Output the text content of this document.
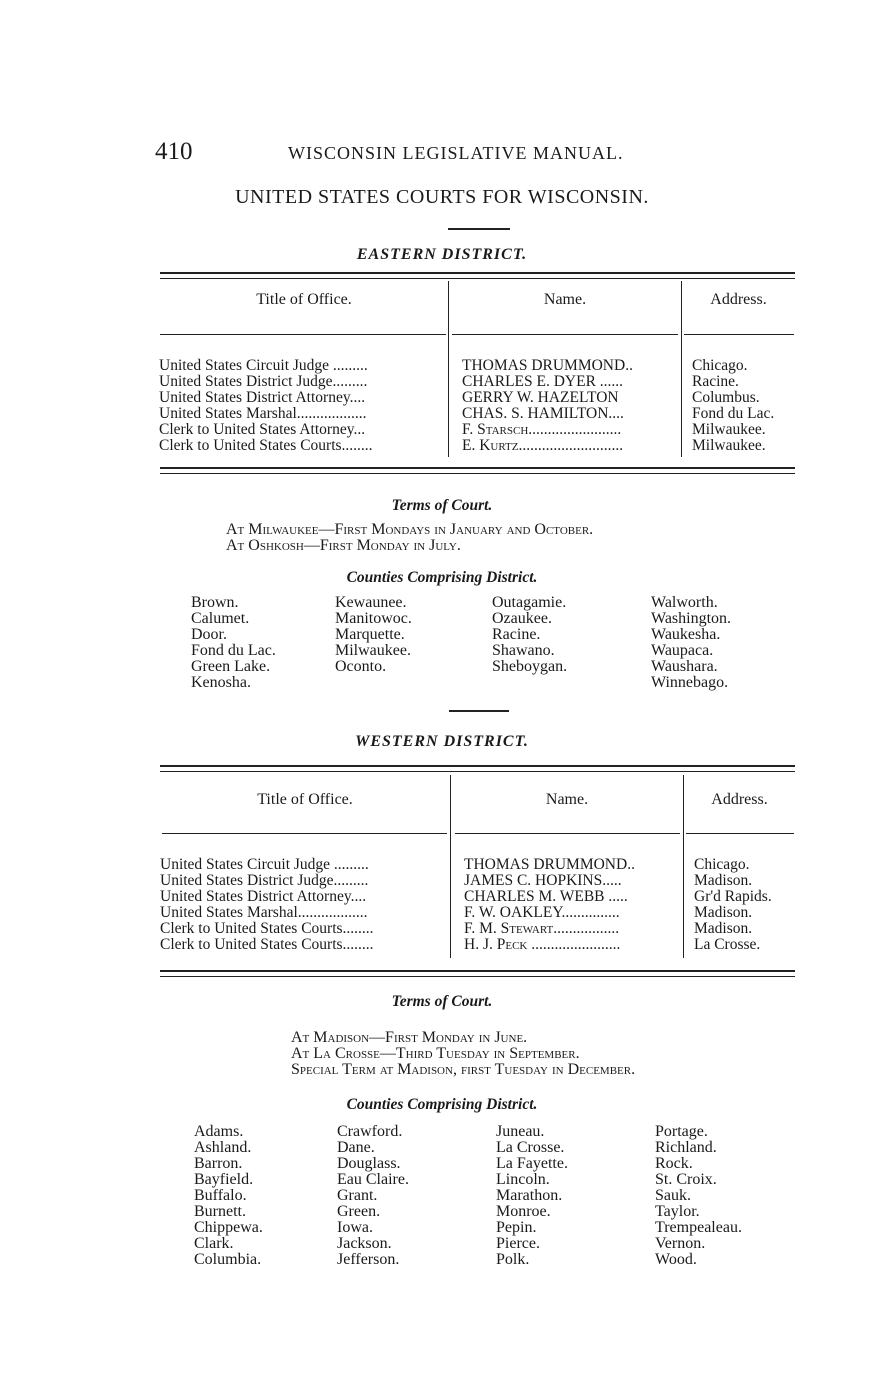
410	WISCONSIN LEGISLATIVE MANUAL.
UNITED STATES COURTS FOR WISCONSIN.
EASTERN DISTRICT.
Title of Office.	Name.	Address.
United States Circuit Judge .........	THOMAS DRUMMOND..	Chicago.
United States District Judge.........	CHARLES E. DYER ......	Racine.
United States District Attorney....	GERRY W. HAZELTON	Columbus.
United States Marshal..................	CHAS. S. HAMILTON....	Fond du Lac.
Clerk to United States Attorney...	F. Starsch........................	Milwaukee.
Clerk to United States Courts........	E. Kurtz...........................	Milwaukee.
Terms of Court.
At Milwaukee—First Mondays in January and October.
At Oshkosh—First Monday in July.
Counties Comprising District.
Brown.
Calumet.
Door.
Fond du Lac.
Green Lake.
Kenosha.
Kewaunee.
Manitowoc.
Marquette.
Milwaukee.
Oconto.
Outagamie.
Ozaukee.
Racine.
Shawano.
Sheboygan.
Walworth.
Washington.
Waukesha.
Waupaca.
Waushara.
Winnebago.
WESTERN DISTRICT.
Title of Office.	Name.	Address.
United States Circuit Judge .........	THOMAS DRUMMOND..	Chicago.
United States District Judge.........	JAMES C. HOPKINS.....	Madison.
United States District Attorney....	CHARLES M. WEBB .....	Gr'd Rapids.
United States Marshal..................	F. W. OAKLEY...............	Madison.
Clerk to United States Courts........	F. M. Stewart.................	Madison.
Clerk to United States Courts........	H. J. Peck .......................	La Crosse.
Terms of Court.
At Madison—First Monday in June.
At La Crosse—Third Tuesday in September.
Special Term at Madison, first Tuesday in December.
Counties Comprising District.
Adams.
Ashland.
Barron.
Bayfield.
Buffalo.
Burnett.
Chippewa.
Clark.
Columbia.
Crawford.
Dane.
Douglass.
Eau Claire.
Grant.
Green.
Iowa.
Jackson.
Jefferson.
Juneau.
La Crosse.
La Fayette.
Lincoln.
Marathon.
Monroe.
Pepin.
Pierce.
Polk.
Portage.
Richland.
Rock.
St. Croix.
Sauk.
Taylor.
Trempealeau.
Vernon.
Wood.
